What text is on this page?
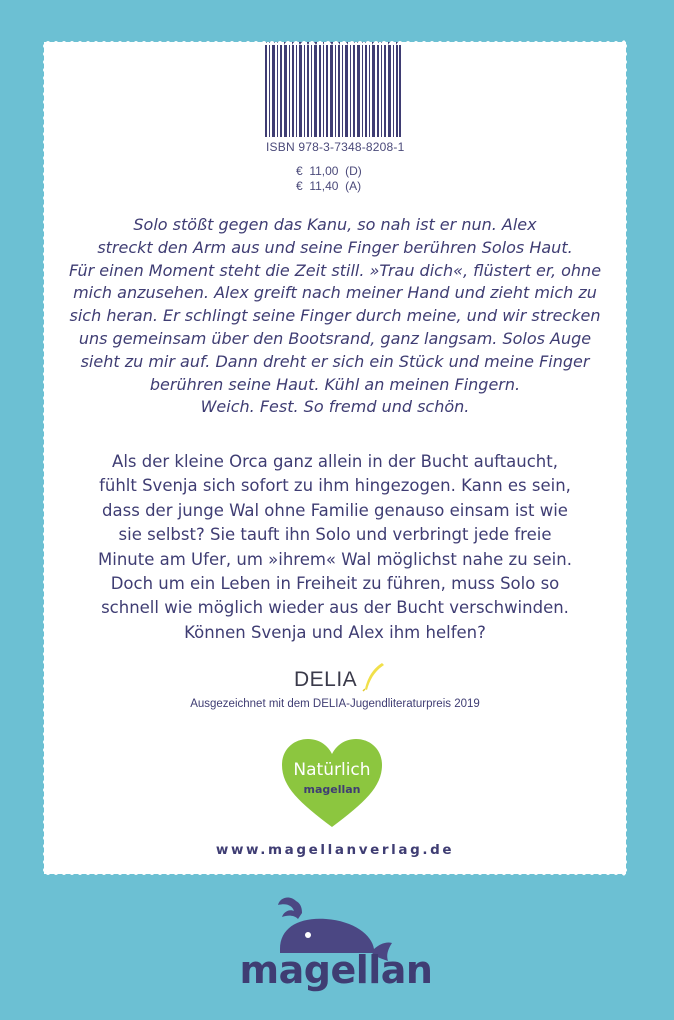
ISBN 978-3-7348-8208-1
€  11,00  (D)
€  11,40  (A)
Solo stößt gegen das Kanu, so nah ist er nun. Alex
streckt den Arm aus und seine Finger berühren Solos Haut.
Für einen Moment steht die Zeit still. »Trau dich«, flüstert er, ohne
mich anzusehen. Alex greift nach meiner Hand und zieht mich zu
sich heran. Er schlingt seine Finger durch meine, und wir strecken
uns gemeinsam über den Bootsrand, ganz langsam. Solos Auge
sieht zu mir auf. Dann dreht er sich ein Stück und meine Finger
berühren seine Haut. Kühl an meinen Fingern.
Weich. Fest. So fremd und schön.
Als der kleine Orca ganz allein in der Bucht auftaucht,
fühlt Svenja sich sofort zu ihm hingezogen. Kann es sein,
dass der junge Wal ohne Familie genauso einsam ist wie
sie selbst? Sie tauft ihn Solo und verbringt jede freie
Minute am Ufer, um »ihrem« Wal möglichst nahe zu sein.
Doch um ein Leben in Freiheit zu führen, muss Solo so
schnell wie möglich wieder aus der Bucht verschwinden.
Können Svenja und Alex ihm helfen?
DELIA
Ausgezeichnet mit dem DELIA-Jugendliteraturpreis 2019
Natürlich
magellan
www.magellanverlag.de
magellan
